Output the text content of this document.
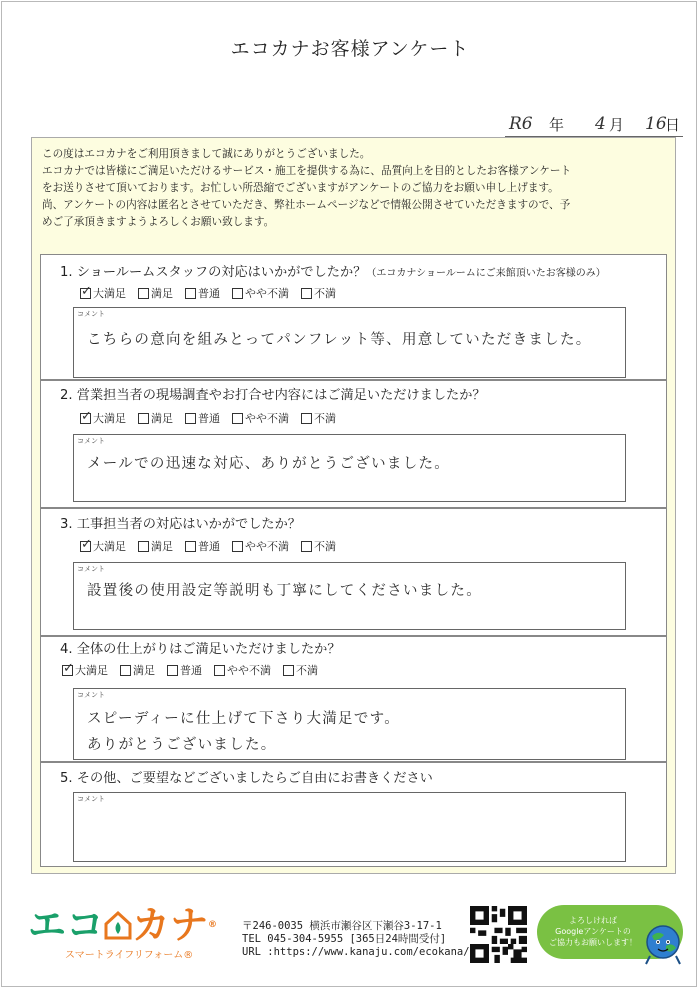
エコカナお客様アンケート
R6 年 4 月 16
日
この度はエコカナをご利用頂きまして誠にありがとうございました。
エコカナでは皆様にご満足いただけるサービス・施工を提供する為に、品質向上を目的としたお客様アンケート
をお送りさせて頂いております。お忙しい所恐縮でございますがアンケートのご協力をお願い申し上げます。
尚、アンケートの内容は匿名とさせていただき、弊社ホームページなどで情報公開させていただきますので、予
めご了承頂きますようよろしくお願い致します。
1. ショールームスタッフの対応はいかがでしたか？（エコカナショールームにご来館頂いたお客様のみ）
✓
大満足 満足 普通 やや不満 不満
コメント
こちらの意向を組みとってパンフレット等、用意していただきました。
2. 営業担当者の現場調査やお打合せ内容にはご満足いただけましたか？
✓
大満足 満足 普通 やや不満 不満
コメント
メールでの迅速な対応、ありがとうございました。
3. 工事担当者の対応はいかがでしたか？
✓
大満足 満足 普通 やや不満 不満
コメント
設置後の使用設定等説明も丁寧にしてくださいました。
4. 全体の仕上がりはご満足いただけましたか？
✓
大満足 満足 普通 やや不満 不満
コメント
スピーディーに仕上げて下さり大満足です。
ありがとうございました。
5. その他、ご要望などございましたらご自由にお書きください
コメント
エコ カナ®
スマートライフリフォーム®
〒246-0035 横浜市瀬谷区下瀬谷3-17-1
TEL 045-304-5955 [365日24時間受付]
URL :https://www.kanaju.com/ecokana/
よろしければ
Googleアンケートの
ご協力もお願いします！
